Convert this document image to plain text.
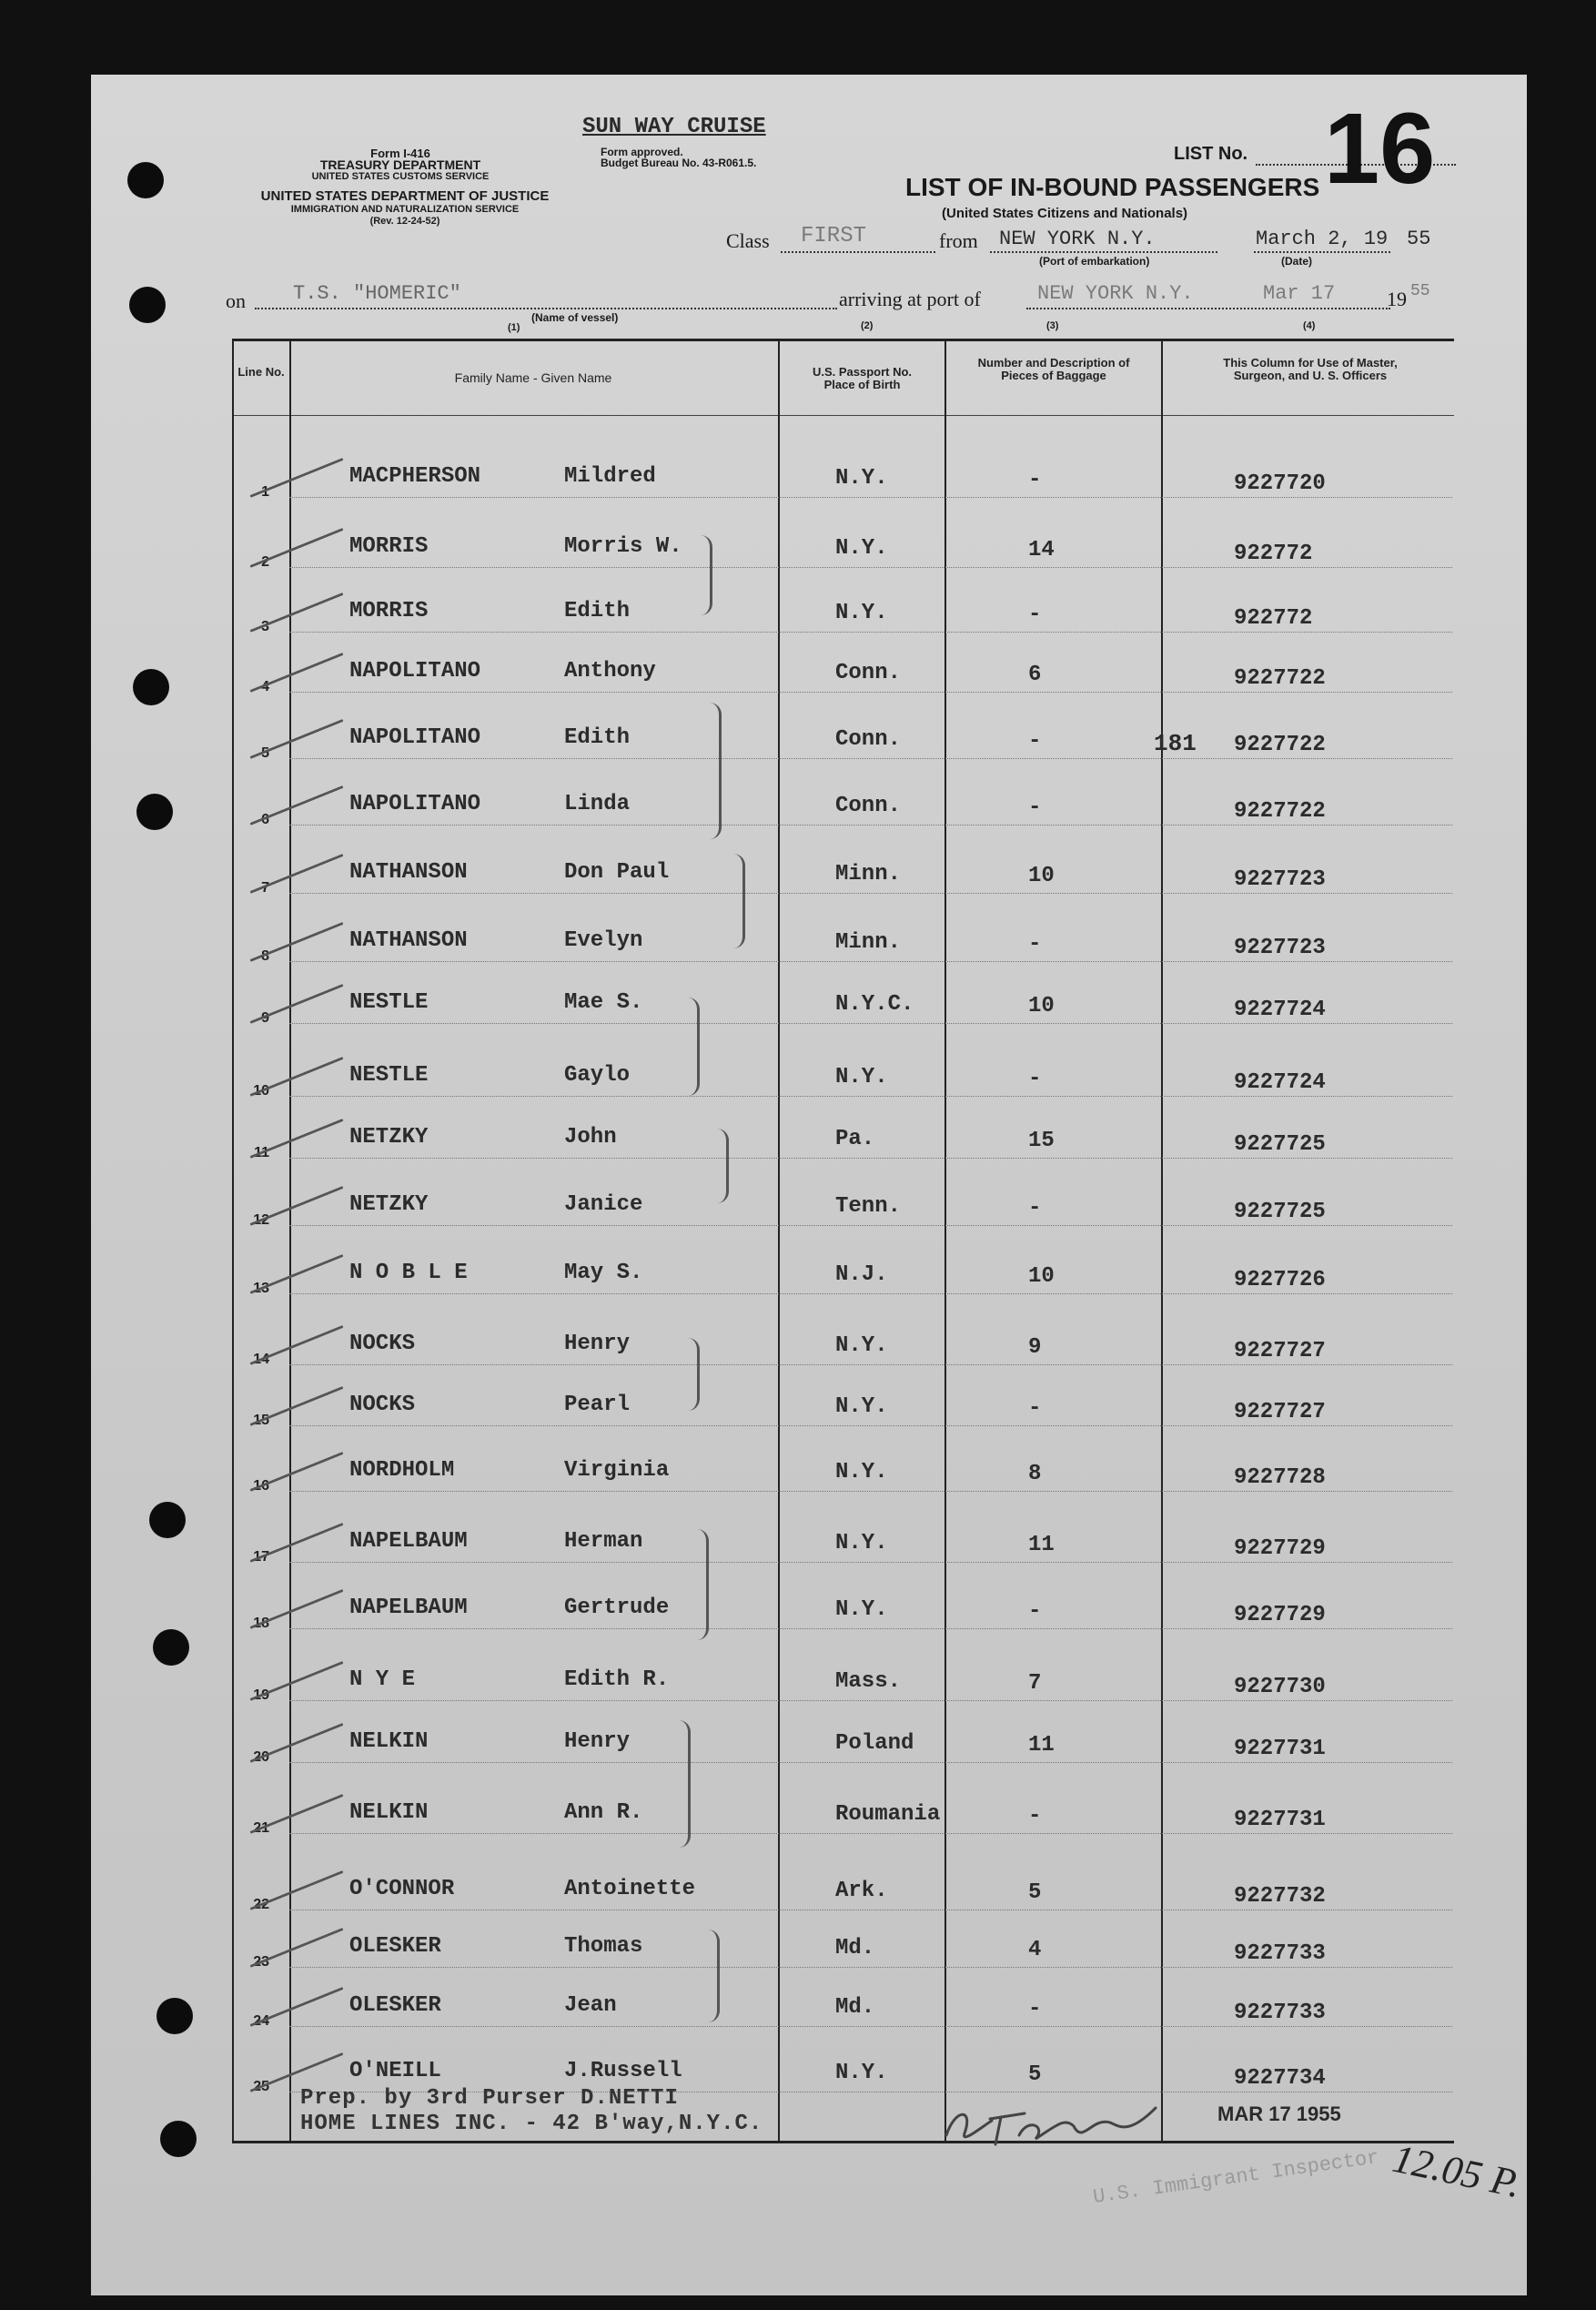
SUN WAY CRUISE
Form I-416
TREASURY DEPARTMENT
UNITED STATES CUSTOMS SERVICE
UNITED STATES DEPARTMENT OF JUSTICE
IMMIGRATION AND NATURALIZATION SERVICE
(Rev. 12-24-52)
Form approved.
Budget Bureau No. 43-R061.5.	LIST No. 16
LIST OF IN-BOUND PASSENGERS
(United States Citizens and Nationals)
Class FIRST	from NEW YORK N.Y.
(Port of embarkation)
March 2, 19 55
(Date)
on T.S. "HOMERIC"
(Name of vessel)
(1)
arriving at port of	NEW YORK N.Y.	Mar 17	19 55
(2)	(3)	(4)
Line No.	Family Name - Given Name	U.S. Passport No. Place of Birth
Number and Description of Pieces of Baggage
This Column for Use of Master, Surgeon, and U. S. Officers
1
MACPHERSON	Mildred	N.Y.	-	9227720
2
MORRIS	Morris W.	N.Y.	14	922772
3
MORRIS	Edith	N.Y.	-	922772
4
NAPOLITANO	Anthony	Conn.	6	9227722
5
NAPOLITANO	Edith	Conn.	-	9227722
6
NAPOLITANO	Linda	Conn.	-	9227722
7
NATHANSON	Don Paul	Minn.	10	9227723
8
NATHANSON	Evelyn	Minn.	-	9227723
9
NESTLE	Mae S.	N.Y.C.	10	9227724
10
NESTLE	Gaylo	N.Y.	-	9227724
11
NETZKY	John	Pa.	15	9227725
12
NETZKY	Janice	Tenn.	-	9227725
13
N O B L E	May S.	N.J.	10	9227726
14
NOCKS	Henry	N.Y.	9	9227727
15
NOCKS	Pearl	N.Y.	-	9227727
16
NORDHOLM	Virginia	N.Y.	8	9227728
17
NAPELBAUM	Herman	N.Y.	11	9227729
18
NAPELBAUM	Gertrude	N.Y.	-	9227729
19
N Y E	Edith R.	Mass.	7	9227730
20
NELKIN	Henry	Poland	11	9227731
21
NELKIN	Ann R.	Roumania	-	9227731
22
O'CONNOR	Antoinette	Ark.	5	9227732
23
OLESKER	Thomas	Md.	4	9227733
24
OLESKER	Jean	Md.	-	9227733
25
O'NEILL	J.Russell	N.Y.	5	9227734
181
Prep. by 3rd Purser D.NETTI
HOME LINES INC. - 42 B'way,N.Y.C.	MAR 17 1955
U.S. Immigrant Inspector 12.05 P.
